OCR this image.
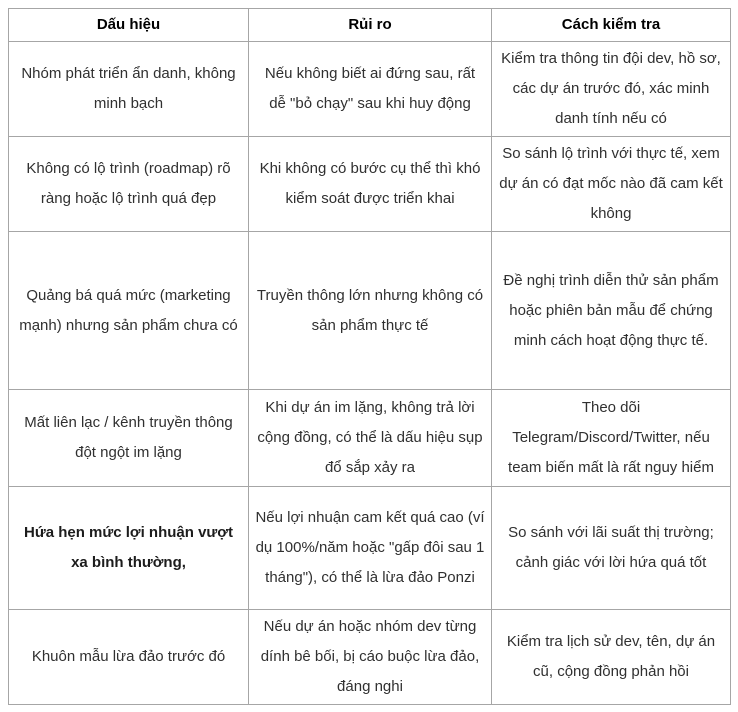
Dấu hiệu	Rủi ro	Cách kiểm tra
Nhóm phát triển ẩn danh, không minh bạch	Nếu không biết ai đứng sau, rất dễ "bỏ chạy" sau khi huy động	Kiểm tra thông tin đội dev, hồ sơ, các dự án trước đó, xác minh danh tính nếu có
Không có lộ trình (roadmap) rõ ràng hoặc lộ trình quá đẹp	Khi không có bước cụ thể thì khó kiểm soát được triển khai	So sánh lộ trình với thực tế, xem dự án có đạt mốc nào đã cam kết không
Quảng bá quá mức (marketing mạnh) nhưng sản phẩm chưa có	Truyền thông lớn nhưng không có sản phẩm thực tế	Đề nghị trình diễn thử sản phẩm hoặc phiên bản mẫu để chứng minh cách hoạt động thực tế.
Mất liên lạc / kênh truyền thông đột ngột im lặng	Khi dự án im lặng, không trả lời cộng đồng, có thể là dấu hiệu sụp đổ sắp xảy ra	Theo dõi Telegram/Discord/Twitter, nếu team biến mất là rất nguy hiểm
Hứa hẹn mức lợi nhuận vượt xa bình thường,	Nếu lợi nhuận cam kết quá cao (ví dụ 100%/năm hoặc "gấp đôi sau 1 tháng"), có thể là lừa đảo Ponzi	So sánh với lãi suất thị trường; cảnh giác với lời hứa quá tốt
Khuôn mẫu lừa đảo trước đó	Nếu dự án hoặc nhóm dev từng dính bê bối, bị cáo buộc lừa đảo, đáng nghi	Kiểm tra lịch sử dev, tên, dự án cũ, cộng đồng phản hồi
